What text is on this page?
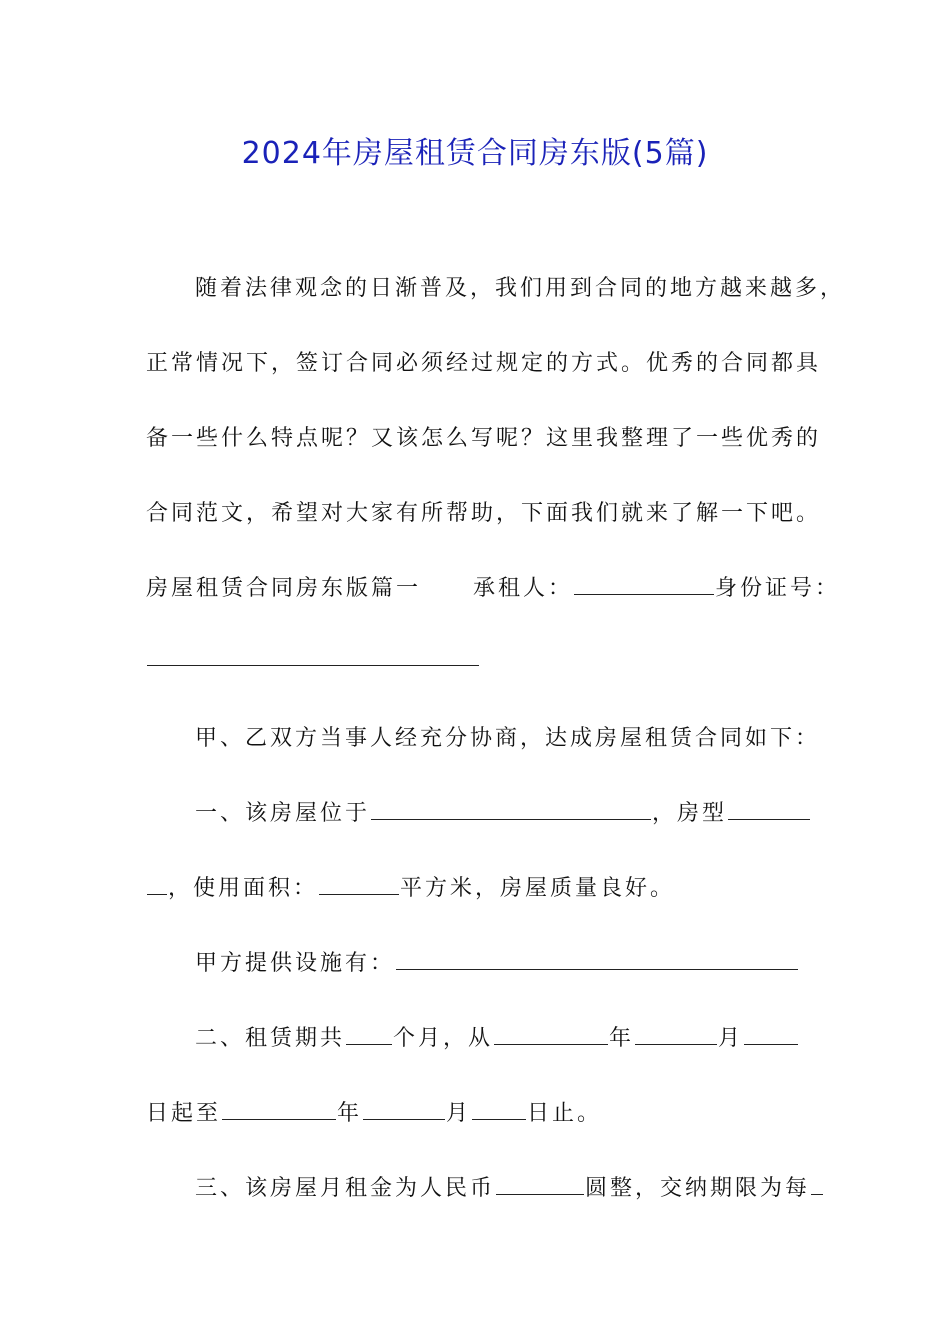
2024年房屋租赁合同房东版(5篇)

随着法律观念的日渐普及，我们用到合同的地方越来越多，

正常情况下，签订合同必须经过规定的方式。优秀的合同都具

备一些什么特点呢？又该怎么写呢？这里我整理了一些优秀的

合同范文，希望对大家有所帮助，下面我们就来了解一下吧。

房屋租赁合同房东版篇一 承租人：	身份证号：

甲、乙双方当事人经充分协商，达成房屋租赁合同如下：

一、该房屋位于	，房型

，使用面积：	平方米，房屋质量良好。

甲方提供设施有：

二、租赁期共 个月，从	年	月

日起至	年	月	日止。

三、该房屋月租金为人民币	圆整，交纳期限为每
